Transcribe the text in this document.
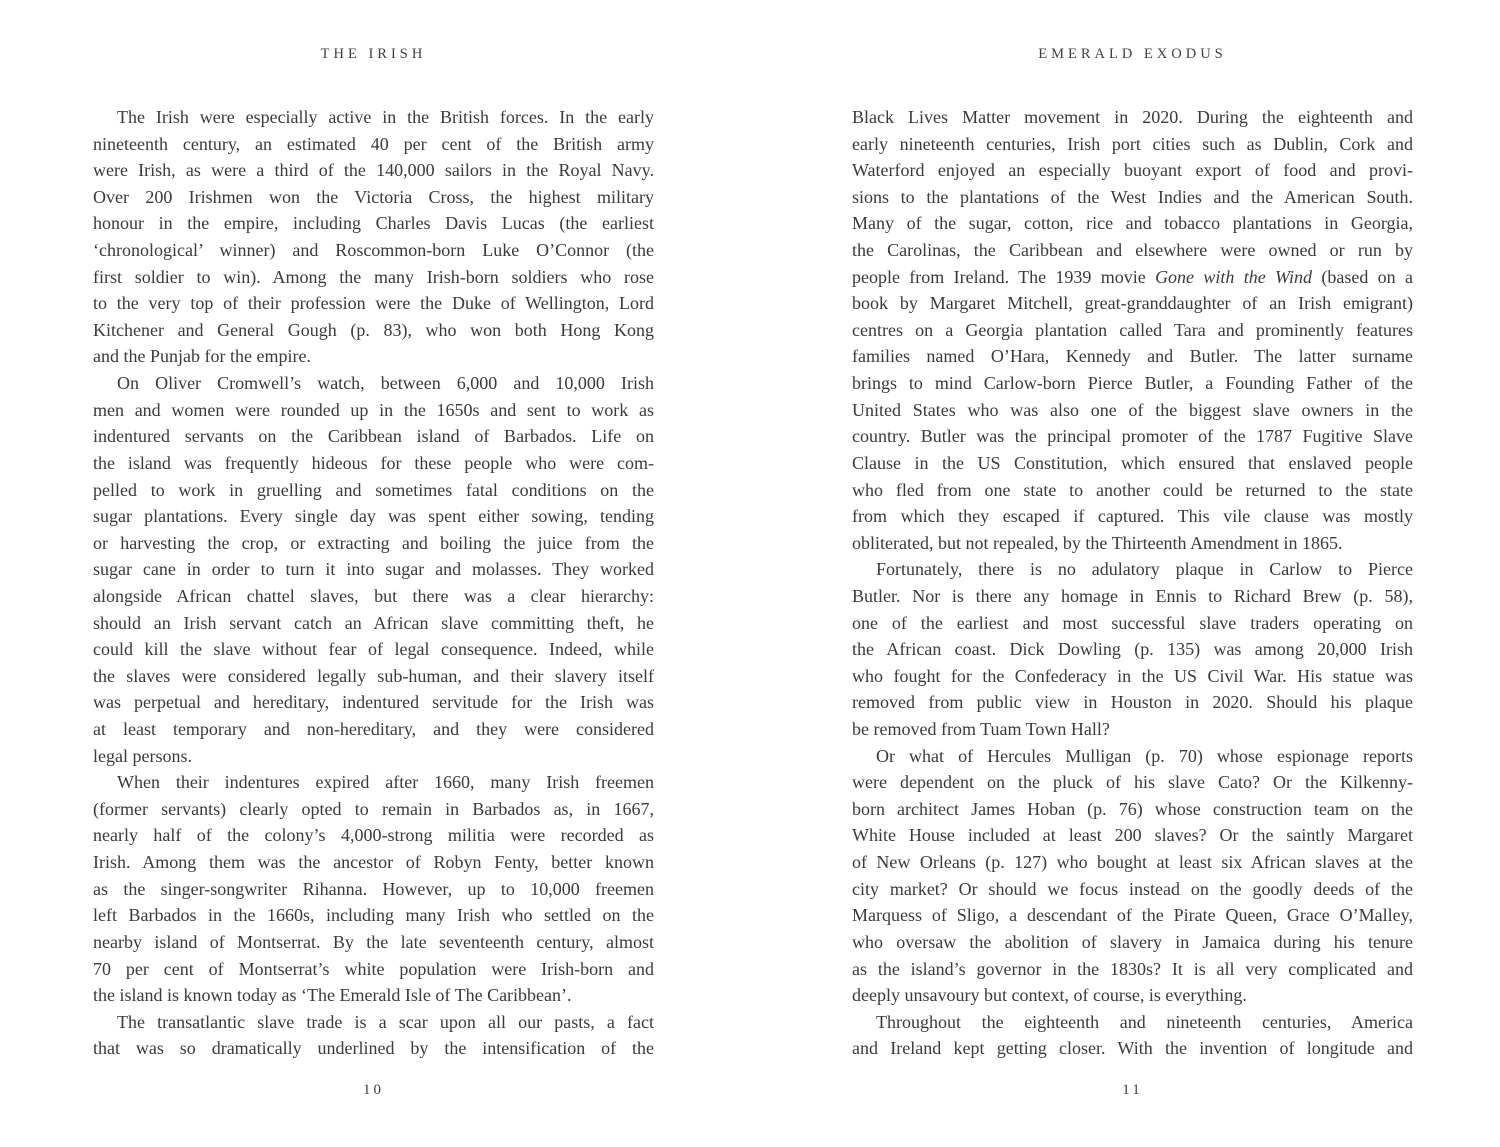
THE IRISH
The Irish were especially active in the British forces. In the early
nineteenth century, an estimated 40 per cent of the British army
were Irish, as were a third of the 140,000 sailors in the Royal Navy.
Over 200 Irishmen won the Victoria Cross, the highest military
honour in the empire, including Charles Davis Lucas (the earliest
‘chronological’ winner) and Roscommon-born Luke O’Connor (the
first soldier to win). Among the many Irish-born soldiers who rose
to the very top of their profession were the Duke of Wellington, Lord
Kitchener and General Gough (p. 83), who won both Hong Kong
and the Punjab for the empire.
On Oliver Cromwell’s watch, between 6,000 and 10,000 Irish
men and women were rounded up in the 1650s and sent to work as
indentured servants on the Caribbean island of Barbados. Life on
the island was frequently hideous for these people who were com-
pelled to work in gruelling and sometimes fatal conditions on the
sugar plantations. Every single day was spent either sowing, tending
or harvesting the crop, or extracting and boiling the juice from the
sugar cane in order to turn it into sugar and molasses. They worked
alongside African chattel slaves, but there was a clear hierarchy:
should an Irish servant catch an African slave committing theft, he
could kill the slave without fear of legal consequence. Indeed, while
the slaves were considered legally sub-human, and their slavery itself
was perpetual and hereditary, indentured servitude for the Irish was
at least temporary and non-hereditary, and they were considered
legal persons.
When their indentures expired after 1660, many Irish freemen
(former servants) clearly opted to remain in Barbados as, in 1667,
nearly half of the colony’s 4,000-strong militia were recorded as
Irish. Among them was the ancestor of Robyn Fenty, better known
as the singer-songwriter Rihanna. However, up to 10,000 freemen
left Barbados in the 1660s, including many Irish who settled on the
nearby island of Montserrat. By the late seventeenth century, almost
70 per cent of Montserrat’s white population were Irish-born and
the island is known today as ‘The Emerald Isle of The Caribbean’.
The transatlantic slave trade is a scar upon all our pasts, a fact
that was so dramatically underlined by the intensification of the
10
EMERALD EXODUS
Black Lives Matter movement in 2020. During the eighteenth and
early nineteenth centuries, Irish port cities such as Dublin, Cork and
Waterford enjoyed an especially buoyant export of food and provi-
sions to the plantations of the West Indies and the American South.
Many of the sugar, cotton, rice and tobacco plantations in Georgia,
the Carolinas, the Caribbean and elsewhere were owned or run by
people from Ireland. The 1939 movie Gone with the Wind (based on a
book by Margaret Mitchell, great-granddaughter of an Irish emigrant)
centres on a Georgia plantation called Tara and prominently features
families named O’Hara, Kennedy and Butler. The latter surname
brings to mind Carlow-born Pierce Butler, a Founding Father of the
United States who was also one of the biggest slave owners in the
country. Butler was the principal promoter of the 1787 Fugitive Slave
Clause in the US Constitution, which ensured that enslaved people
who fled from one state to another could be returned to the state
from which they escaped if captured. This vile clause was mostly
obliterated, but not repealed, by the Thirteenth Amendment in 1865.
Fortunately, there is no adulatory plaque in Carlow to Pierce
Butler. Nor is there any homage in Ennis to Richard Brew (p. 58),
one of the earliest and most successful slave traders operating on
the African coast. Dick Dowling (p. 135) was among 20,000 Irish
who fought for the Confederacy in the US Civil War. His statue was
removed from public view in Houston in 2020. Should his plaque
be removed from Tuam Town Hall?
Or what of Hercules Mulligan (p. 70) whose espionage reports
were dependent on the pluck of his slave Cato? Or the Kilkenny-
born architect James Hoban (p. 76) whose construction team on the
White House included at least 200 slaves? Or the saintly Margaret
of New Orleans (p. 127) who bought at least six African slaves at the
city market? Or should we focus instead on the goodly deeds of the
Marquess of Sligo, a descendant of the Pirate Queen, Grace O’Malley,
who oversaw the abolition of slavery in Jamaica during his tenure
as the island’s governor in the 1830s? It is all very complicated and
deeply unsavoury but context, of course, is everything.
Throughout the eighteenth and nineteenth centuries, America
and Ireland kept getting closer. With the invention of longitude and
11
